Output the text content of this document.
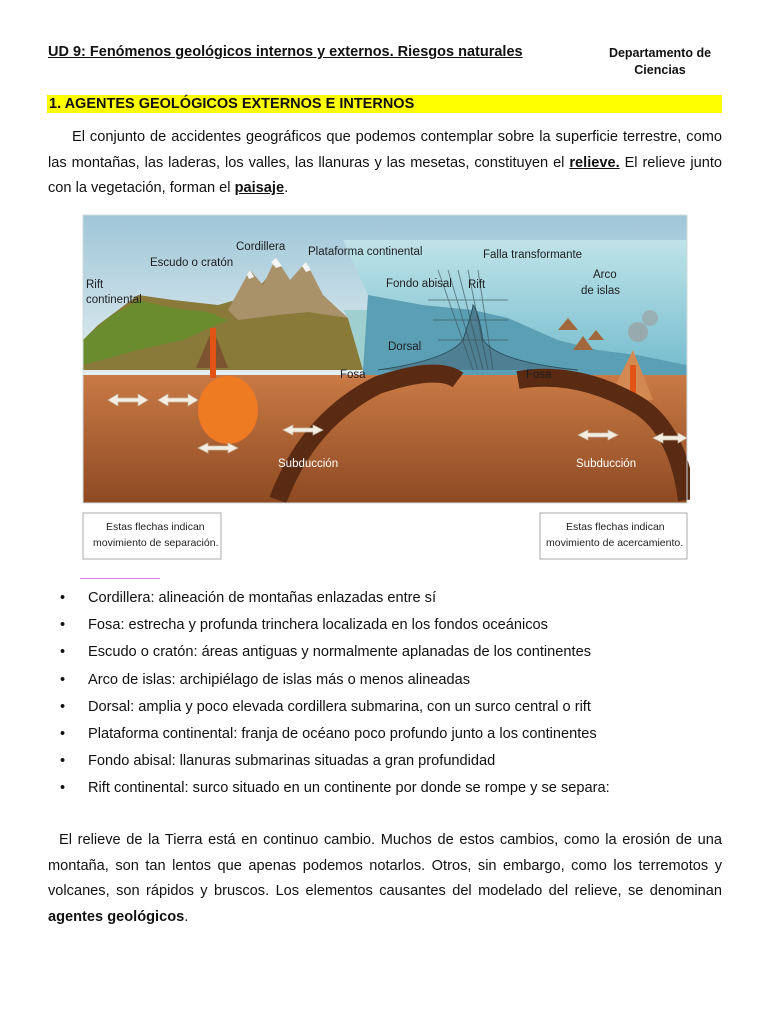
UD 9: Fenómenos geológicos internos y externos. Riesgos naturales	Departamento de
Ciencias
1. AGENTES GEOLÓGICOS EXTERNOS E INTERNOS

El conjunto de accidentes geográficos que podemos contemplar sobre la superficie terrestre, como las montañas, las laderas, los valles, las llanuras y las mesetas, constituyen el relieve. El relieve junto con la vegetación, forman el paisaje.

Rift
continental
Escudo o cratón
Cordillera Plataforma continental
Fondo abisal
Falla transformante
Rift
Arco
de islas
Dorsal
Fosa	Fosa
Subducción	Subducción
Estas flechas indican
movimiento de separación.
Estas flechas indican
movimiento de acercamiento.
• Cordillera: alineación de montañas enlazadas entre sí
• Fosa: estrecha y profunda trinchera localizada en los fondos oceánicos
• Escudo o cratón: áreas antiguas y normalmente aplanadas de los continentes
• Arco de islas: archipiélago de islas más o menos alineadas
• Dorsal: amplia y poco elevada cordillera submarina, con un surco central o rift
• Plataforma continental: franja de océano poco profundo junto a los continentes
• Fondo abisal: llanuras submarinas situadas a gran profundidad
• Rift continental: surco situado en un continente por donde se rompe y se separa:

El relieve de la Tierra está en continuo cambio. Muchos de estos cambios, como la erosión de una montaña, son tan lentos que apenas podemos notarlos. Otros, sin embargo, como los terremotos y volcanes, son rápidos y bruscos. Los elementos causantes del modelado del relieve, se denominan agentes geológicos.
